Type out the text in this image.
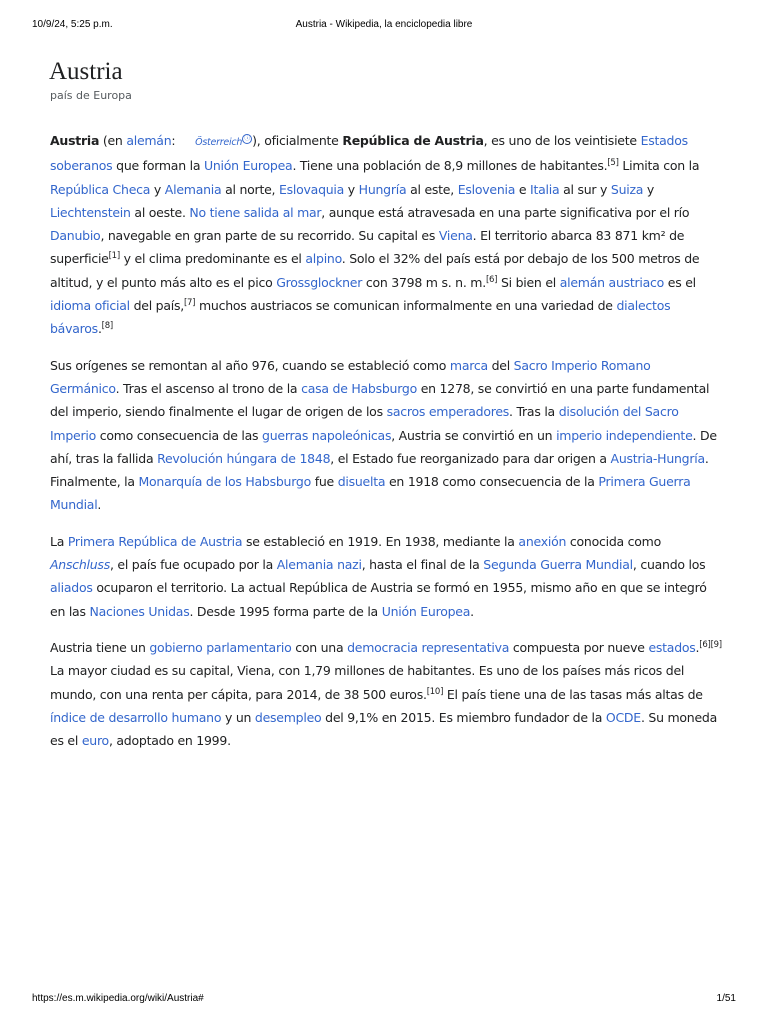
10/9/24, 5:25 p.m.	Austria - Wikipedia, la enciclopedia libre
Austria
país de Europa

Austria (en alemán: Österreich ⓘ ), oficialmente República de Austria, es uno de los veintisiete Estados soberanos que forman la Unión Europea. Tiene una población de 8,9 millones de habitantes.[5] Limita con la República Checa y Alemania al norte, Eslovaquia y Hungría al este, Eslovenia e Italia al sur y Suiza y Liechtenstein al oeste. No tiene salida al mar, aunque está atravesada en una parte significativa por el río Danubio, navegable en gran parte de su recorrido. Su capital es Viena. El territorio abarca 83 871 km² de superficie[1] y el clima predominante es el alpino. Solo el 32% del país está por debajo de los 500 metros de altitud, y el punto más alto es el pico Grossglockner con 3798 m s. n. m.[6] Si bien el alemán austriaco es el idioma oficial del país,[7] muchos austriacos se comunican informalmente en una variedad de dialectos bávaros.[8]

Sus orígenes se remontan al año 976, cuando se estableció como marca del Sacro Imperio Romano Germánico. Tras el ascenso al trono de la casa de Habsburgo en 1278, se convirtió en una parte fundamental del imperio, siendo finalmente el lugar de origen de los sacros emperadores. Tras la disolución del Sacro Imperio como consecuencia de las guerras napoleónicas, Austria se convirtió en un imperio independiente. De ahí, tras la fallida Revolución húngara de 1848, el Estado fue reorganizado para dar origen a Austria-Hungría. Finalmente, la Monarquía de los Habsburgo fue disuelta en 1918 como consecuencia de la Primera Guerra Mundial.

La Primera República de Austria se estableció en 1919. En 1938, mediante la anexión conocida como Anschluss, el país fue ocupado por la Alemania nazi, hasta el final de la Segunda Guerra Mundial, cuando los aliados ocuparon el territorio. La actual República de Austria se formó en 1955, mismo año en que se integró en las Naciones Unidas. Desde 1995 forma parte de la Unión Europea.

Austria tiene un gobierno parlamentario con una democracia representativa compuesta por nueve estados.[6][9] La mayor ciudad es su capital, Viena, con 1,79 millones de habitantes. Es uno de los países más ricos del mundo, con una renta per cápita, para 2014, de 38 500 euros.[10] El país tiene una de las tasas más altas de índice de desarrollo humano y un desempleo del 9,1% en 2015. Es miembro fundador de la OCDE. Su moneda es el euro, adoptado en 1999.

https://es.m.wikipedia.org/wiki/Austria#	1/51
